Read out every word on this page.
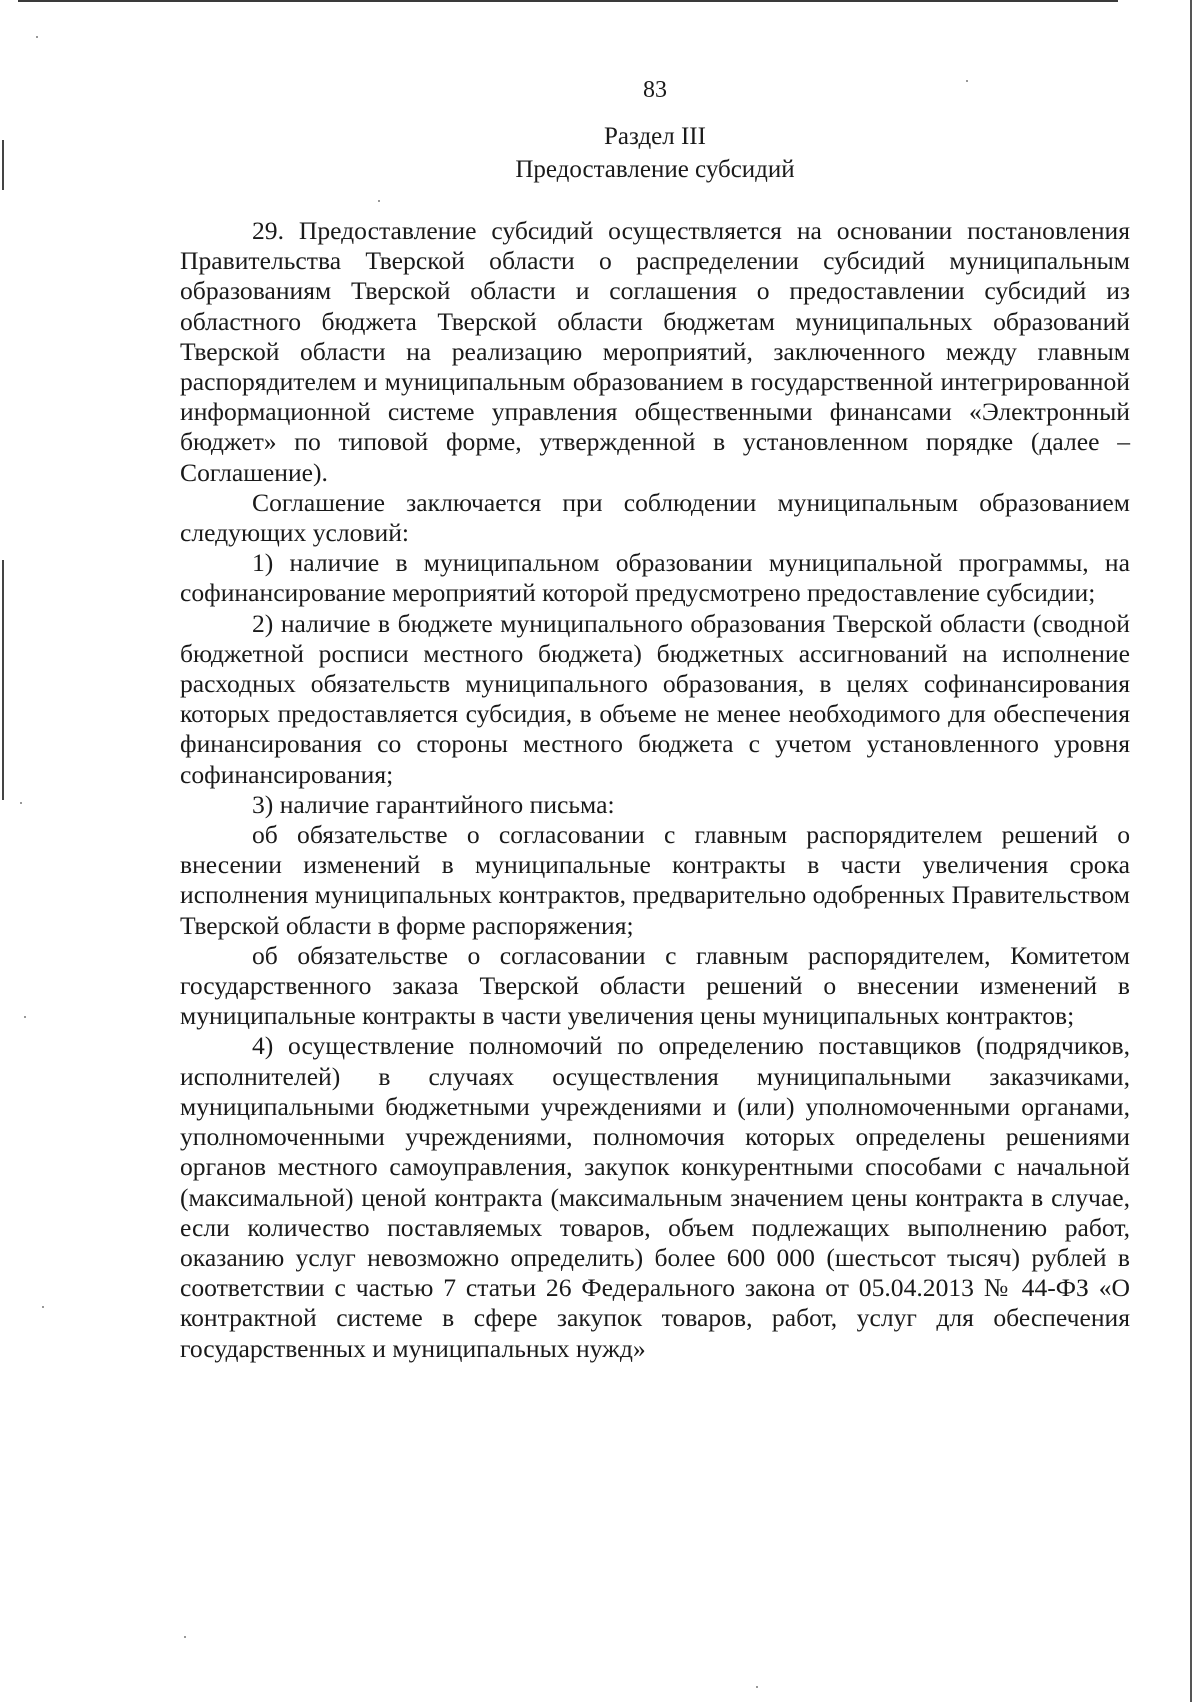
83
Раздел III
Предоставление субсидий

29. Предоставление субсидий осуществляется на основании постановления Правительства Тверской области о распределении субсидий муниципальным образованиям Тверской области и соглашения о предоставлении субсидий из областного бюджета Тверской области бюджетам муниципальных образований Тверской области на реализацию мероприятий, заключенного между главным распорядителем и муниципальным образованием в государственной интегрированной информационной системе управления общественными финансами «Электронный бюджет» по типовой форме, утвержденной в установленном порядке (далее – Соглашение).

Соглашение заключается при соблюдении муниципальным образованием следующих условий:

1) наличие в муниципальном образовании муниципальной программы, на софинансирование мероприятий которой предусмотрено предоставление субсидии;

2) наличие в бюджете муниципального образования Тверской области (сводной бюджетной росписи местного бюджета) бюджетных ассигнований на исполнение расходных обязательств муниципального образования, в целях софинансирования которых предоставляется субсидия, в объеме не менее необходимого для обеспечения финансирования со стороны местного бюджета с учетом установленного уровня софинансирования;

3) наличие гарантийного письма:

об обязательстве о согласовании с главным распорядителем решений о внесении изменений в муниципальные контракты в части увеличения срока исполнения муниципальных контрактов, предварительно одобренных Правительством Тверской области в форме распоряжения;

об обязательстве о согласовании с главным распорядителем, Комитетом государственного заказа Тверской области решений о внесении изменений в муниципальные контракты в части увеличения цены муниципальных контрактов;

4) осуществление полномочий по определению поставщиков (подрядчиков, исполнителей) в случаях осуществления муниципальными заказчиками, муниципальными бюджетными учреждениями и (или) уполномоченными органами, уполномоченными учреждениями, полномочия которых определены решениями органов местного самоуправления, закупок конкурентными способами с начальной (максимальной) ценой контракта (максимальным значением цены контракта в случае, если количество поставляемых товаров, объем подлежащих выполнению работ, оказанию услуг невозможно определить) более 600 000 (шестьсот тысяч) рублей в соответствии с частью 7 статьи 26 Федерального закона от 05.04.2013 № 44-ФЗ «О контрактной системе в сфере закупок товаров, работ, услуг для обеспечения государственных и муниципальных нужд»
